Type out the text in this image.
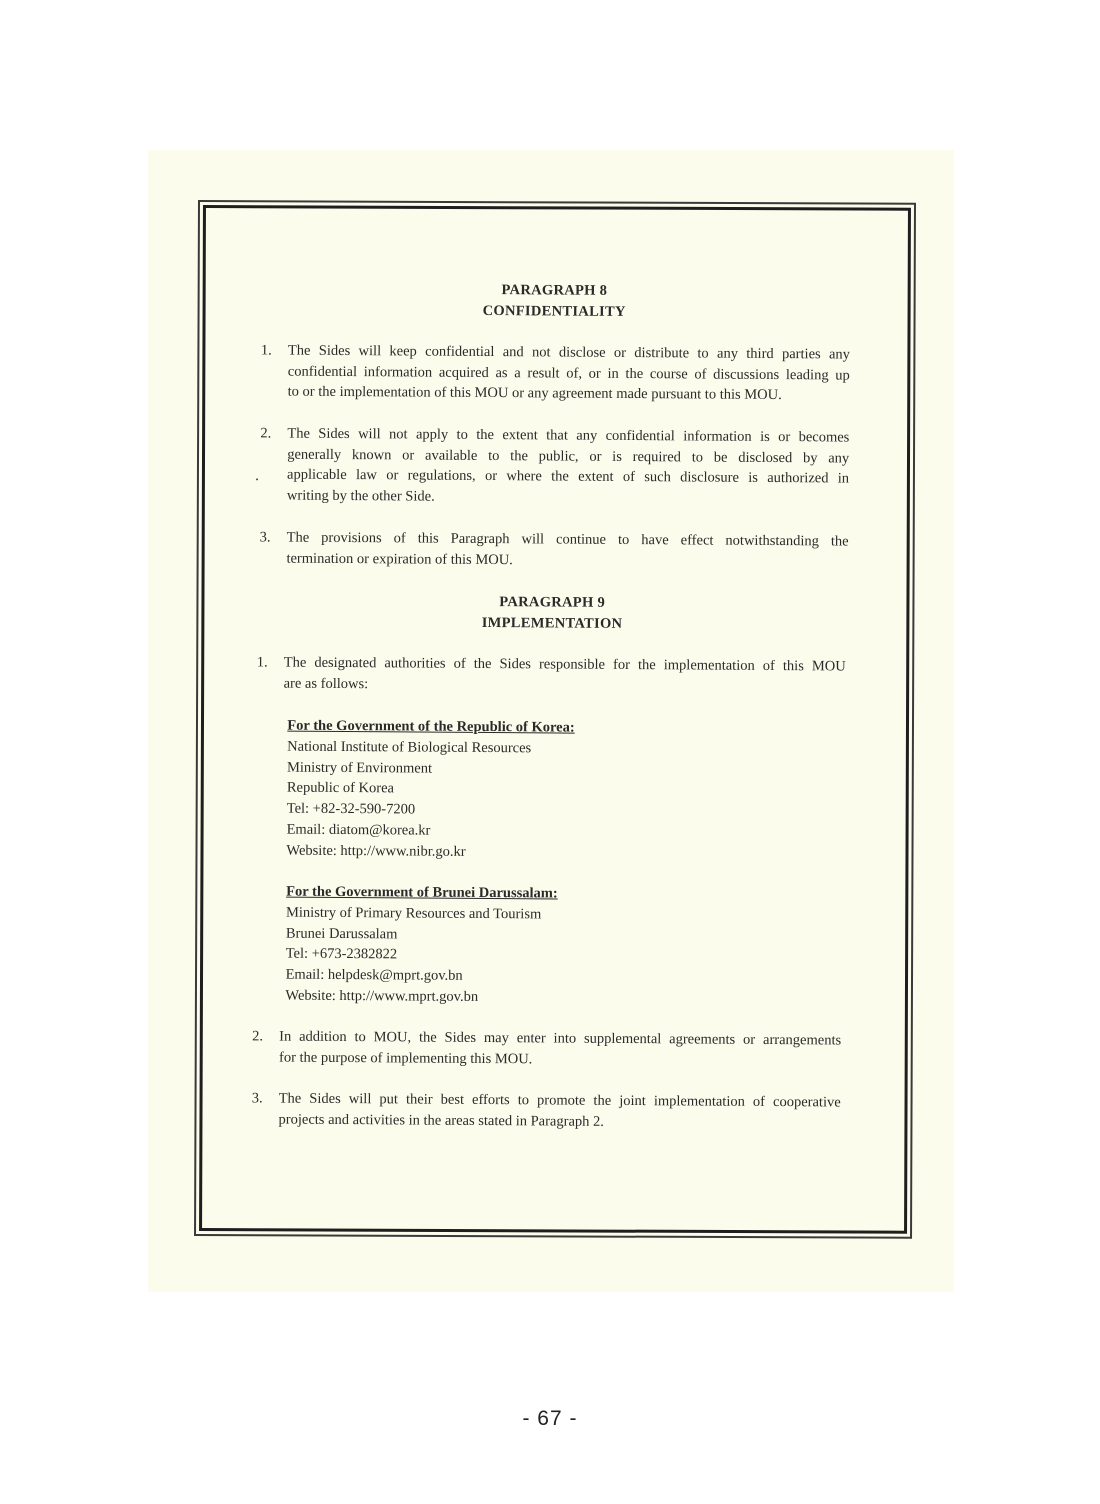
PARAGRAPH 8
CONFIDENTIALITY
1. The Sides will keep confidential and not disclose or distribute to any third parties any
confidential information acquired as a result of, or in the course of discussions leading up
to or the implementation of this MOU or any agreement made pursuant to this MOU.
2. The Sides will not apply to the extent that any confidential information is or becomes
generally known or available to the public, or is required to be disclosed by any
applicable law or regulations, or where the extent of such disclosure is authorized in
writing by the other Side.
3. The provisions of this Paragraph will continue to have effect notwithstanding the
termination or expiration of this MOU.
PARAGRAPH 9
IMPLEMENTATION
1. The designated authorities of the Sides responsible for the implementation of this MOU
are as follows:
For the Government of the Republic of Korea:
National Institute of Biological Resources
Ministry of Environment
Republic of Korea
Tel: +82-32-590-7200
Email: diatom@korea.kr
Website: http://www.nibr.go.kr
For the Government of Brunei Darussalam:
Ministry of Primary Resources and Tourism
Brunei Darussalam
Tel: +673-2382822
Email: helpdesk@mprt.gov.bn
Website: http://www.mprt.gov.bn
2. In addition to MOU, the Sides may enter into supplemental agreements or arrangements
for the purpose of implementing this MOU.
3. The Sides will put their best efforts to promote the joint implementation of cooperative
projects and activities in the areas stated in Paragraph 2.
- 67 -
